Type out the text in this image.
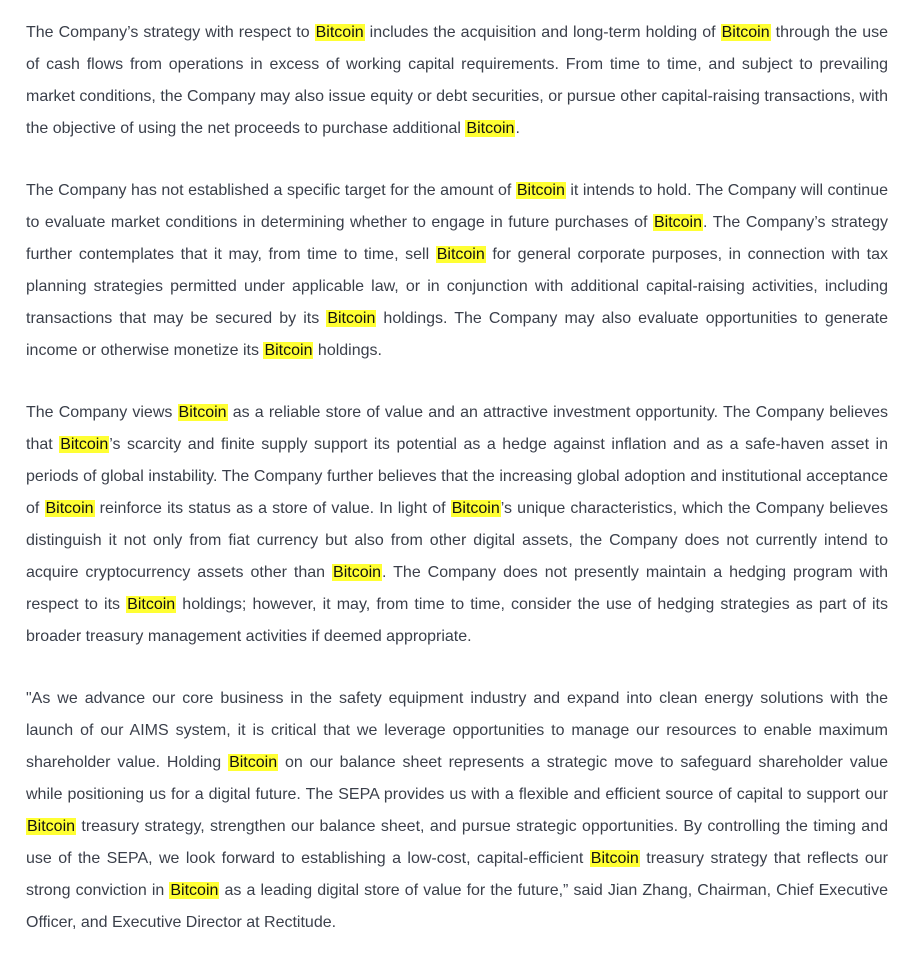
The Company’s strategy with respect to Bitcoin includes the acquisition and long-term holding of Bitcoin through the use of cash flows from operations in excess of working capital requirements. From time to time, and subject to prevailing market conditions, the Company may also issue equity or debt securities, or pursue other capital-raising transactions, with the objective of using the net proceeds to purchase additional Bitcoin.

The Company has not established a specific target for the amount of Bitcoin it intends to hold. The Company will continue to evaluate market conditions in determining whether to engage in future purchases of Bitcoin. The Company’s strategy further contemplates that it may, from time to time, sell Bitcoin for general corporate purposes, in connection with tax planning strategies permitted under applicable law, or in conjunction with additional capital-raising activities, including transactions that may be secured by its Bitcoin holdings. The Company may also evaluate opportunities to generate income or otherwise monetize its Bitcoin holdings.

The Company views Bitcoin as a reliable store of value and an attractive investment opportunity. The Company believes that Bitcoin’s scarcity and finite supply support its potential as a hedge against inflation and as a safe-haven asset in periods of global instability. The Company further believes that the increasing global adoption and institutional acceptance of Bitcoin reinforce its status as a store of value. In light of Bitcoin’s unique characteristics, which the Company believes distinguish it not only from fiat currency but also from other digital assets, the Company does not currently intend to acquire cryptocurrency assets other than Bitcoin. The Company does not presently maintain a hedging program with respect to its Bitcoin holdings; however, it may, from time to time, consider the use of hedging strategies as part of its broader treasury management activities if deemed appropriate.

"As we advance our core business in the safety equipment industry and expand into clean energy solutions with the launch of our AIMS system, it is critical that we leverage opportunities to manage our resources to enable maximum shareholder value. Holding Bitcoin on our balance sheet represents a strategic move to safeguard shareholder value while positioning us for a digital future. The SEPA provides us with a flexible and efficient source of capital to support our Bitcoin treasury strategy, strengthen our balance sheet, and pursue strategic opportunities. By controlling the timing and use of the SEPA, we look forward to establishing a low-cost, capital-efficient Bitcoin treasury strategy that reflects our strong conviction in Bitcoin as a leading digital store of value for the future,” said Jian Zhang, Chairman, Chief Executive Officer, and Executive Director at Rectitude.
